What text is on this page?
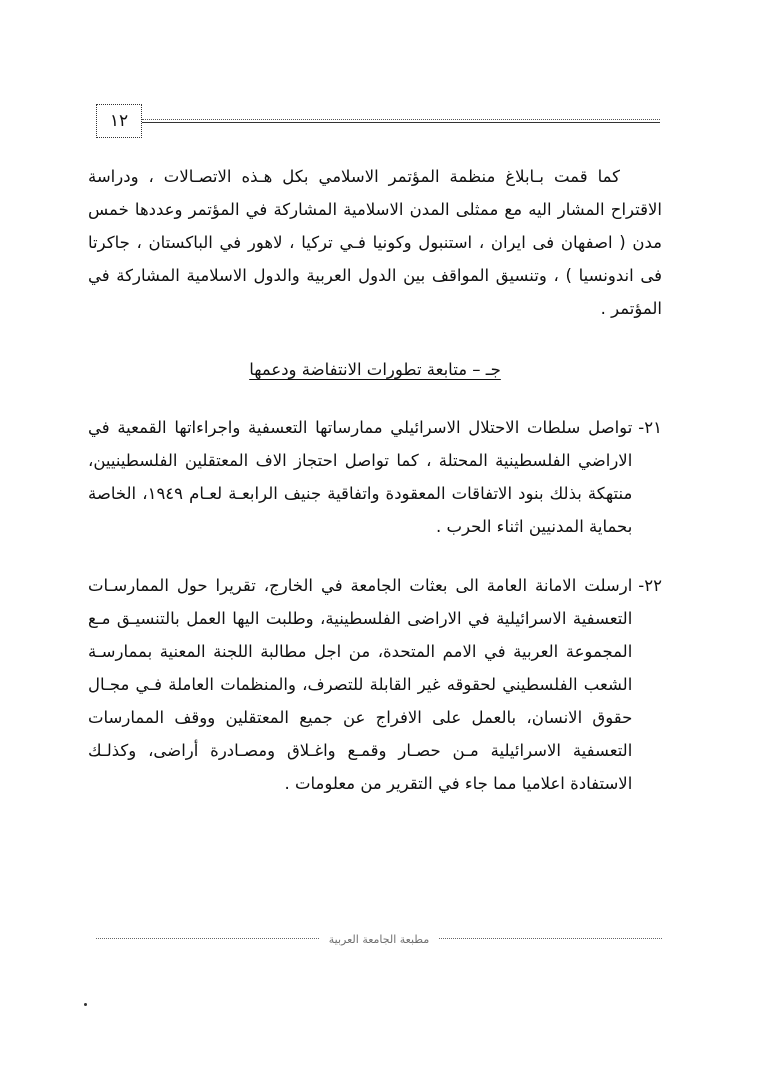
١٢

كما قمت بـابلاغ منظمة المؤتمر الاسلامي بكل هـذه الاتصـالات ، ودراسة الاقتراح المشار اليه مع ممثلى المدن الاسلامية المشاركة في المؤتمر وعددها خمس مدن ( اصفهان فى ايران ، استنبول وكونيا فـي تركيا ، لاهور في الباكستان ، جاكرتا فى اندونسيا ) ، وتنسيق المواقف بين الدول العربية والدول الاسلامية المشاركة في المؤتمر .

جـ – متابعة تطورات الانتفاضة ودعمها
٢١-
تواصل سلطات الاحتلال الاسرائيلي ممارساتها التعسفية واجراءاتها القمعية في الاراضي الفلسطينية المحتلة ، كما تواصل احتجاز الاف المعتقلين الفلسطينيين، منتهكة بذلك بنود الاتفاقات المعقودة واتفاقية جنيف الرابعـة لعـام ١٩٤٩، الخاصة بحماية المدنيين اثناء الحرب .
٢٢-
ارسلت الامانة العامة الى بعثات الجامعة في الخارج، تقريرا حول الممارسـات التعسفية الاسرائيلية في الاراضى الفلسطينية، وطلبت اليها العمل بالتنسيـق مـع المجموعة العربية في الامم المتحدة، من اجل مطالبة اللجنة المعنية بممارسـة الشعب الفلسطيني لحقوقه غير القابلة للتصرف، والمنظمات العاملة فـي مجـال حقوق الانسان، بالعمل على الافراج عن جميع المعتقلين ووقف الممارسات التعسفية الاسرائيلية مـن حصـار وقمـع واغـلاق ومصـادرة أراضى، وكذلـك الاستفادة اعلاميا مما جاء في التقرير من معلومات .
مطبعة الجامعة العربية
